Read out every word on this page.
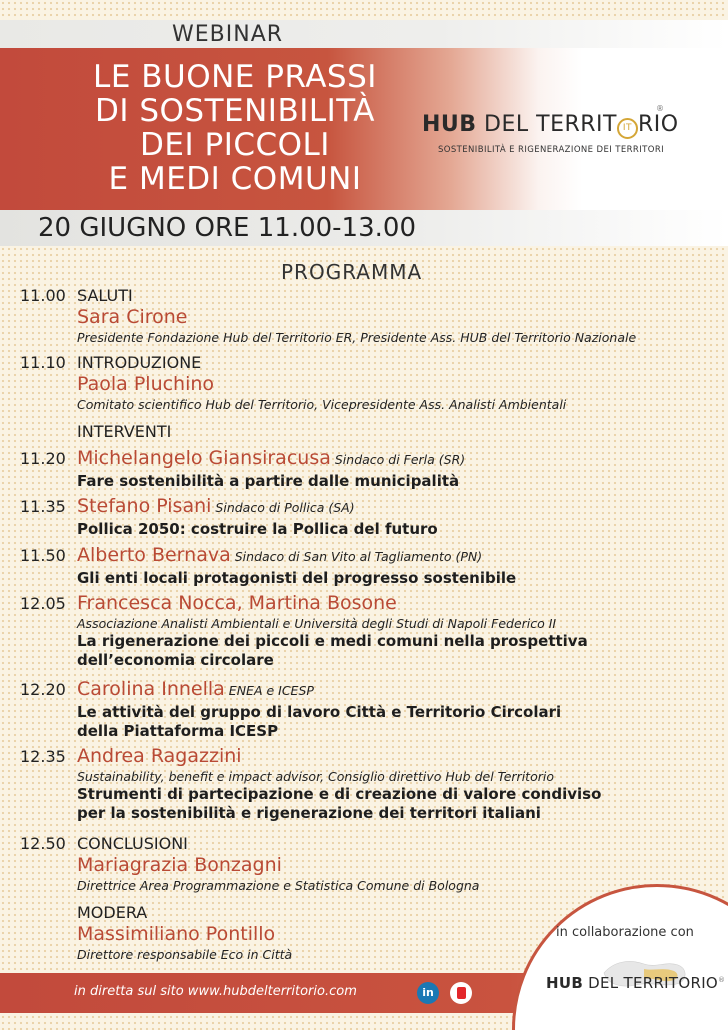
WEBINAR
LE BUONE PRASSI
DI SOSTENIBILITÀ
DEI PICCOLI
E MEDI COMUNI
HUB DEL TERRIT IT RIO
®
SOSTENIBILITÀ E RIGENERAZIONE DEI TERRITORI
20 GIUGNO ORE 11.00-13.00
PROGRAMMA
11.00 SALUTI
Sara Cirone
Presidente Fondazione Hub del Territorio ER, Presidente Ass. HUB del Territorio Nazionale
11.10 INTRODUZIONE
Paola Pluchino
Comitato scientifico Hub del Territorio, Vicepresidente Ass. Analisti Ambientali
INTERVENTI
11.20 Michelangelo Giansiracusa Sindaco di Ferla (SR)
Fare sostenibilità a partire dalle municipalità
11.35 Stefano Pisani Sindaco di Pollica (SA)
Pollica 2050: costruire la Pollica del futuro
11.50 Alberto Bernava Sindaco di San Vito al Tagliamento (PN)
Gli enti locali protagonisti del progresso sostenibile
12.05 Francesca Nocca, Martina Bosone
Associazione Analisti Ambientali e Università degli Studi di Napoli Federico II
La rigenerazione dei piccoli e medi comuni nella prospettiva
dell’economia circolare
12.20 Carolina Innella ENEA e ICESP
Le attività del gruppo di lavoro Città e Territorio Circolari
della Piattaforma ICESP
12.35 Andrea Ragazzini
Sustainability, benefit e impact advisor, Consiglio direttivo Hub del Territorio
Strumenti di partecipazione e di creazione di valore condiviso
per la sostenibilità e rigenerazione dei territori italiani
12.50 CONCLUSIONI
Mariagrazia Bonzagni
Direttrice Area Programmazione e Statistica Comune di Bologna
in collaborazione con
HUB DEL TERRITORIO®
MODERA
Massimiliano Pontillo
Direttore responsabile Eco in Città
in diretta sul sito www.hubdelterritorio.com	in
